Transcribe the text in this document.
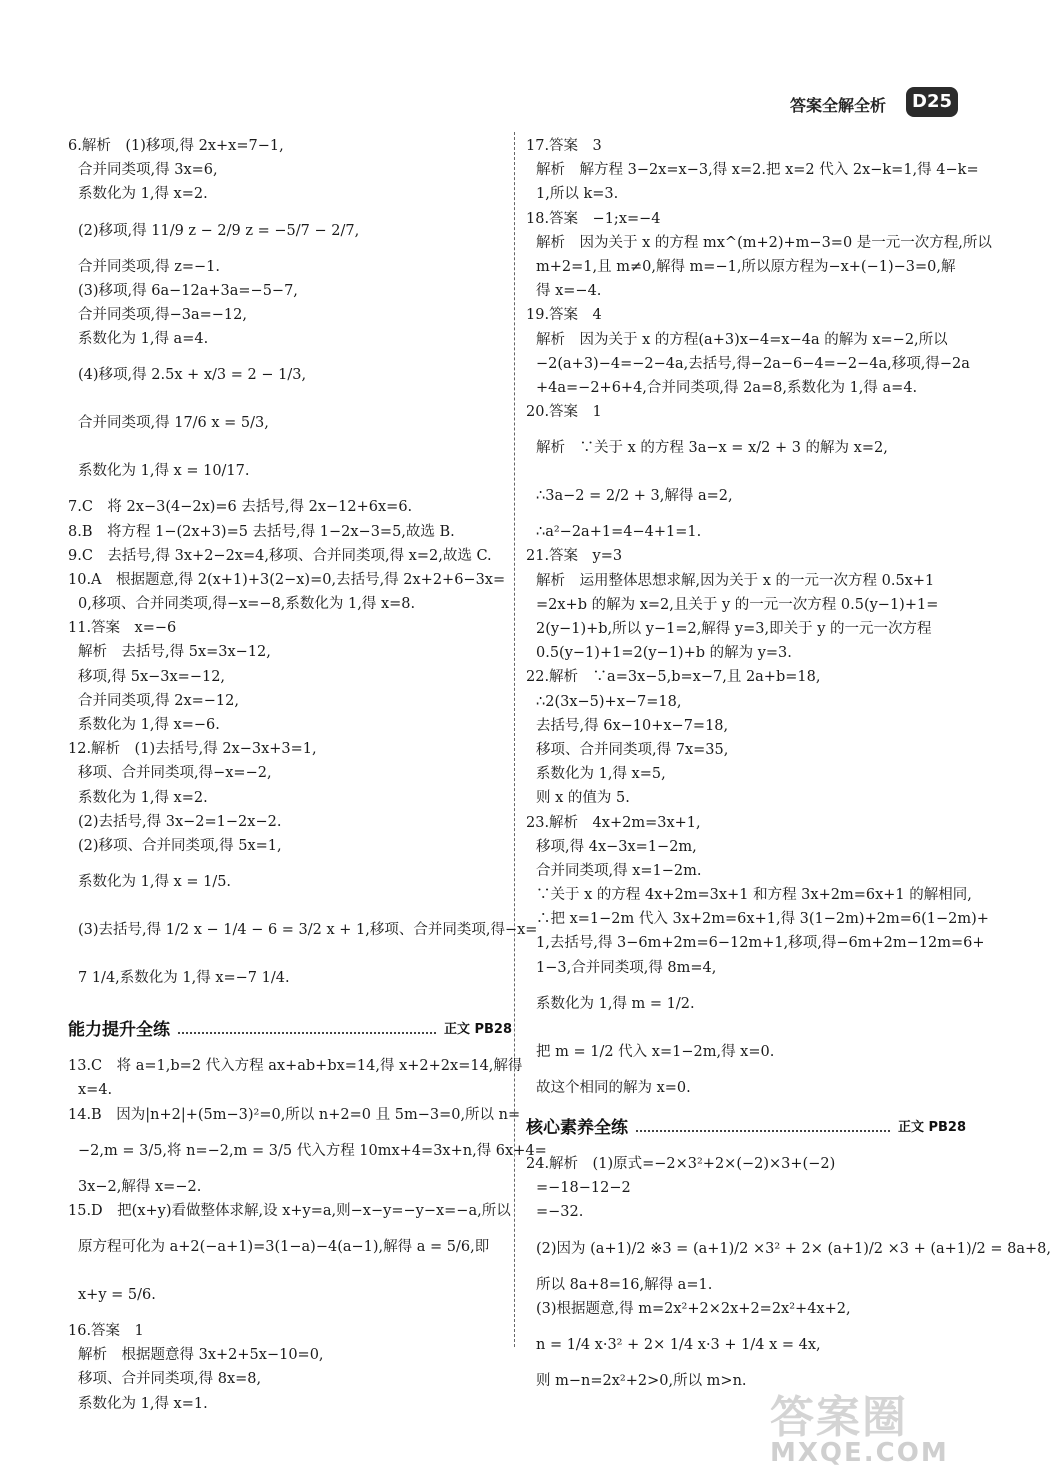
答案全解全析	D25
6.解析　(1)移项,得 2x+x=7−1,
合并同类项,得 3x=6,
系数化为 1,得 x=2.
(2)移项,得 11/9 z − 2/9 z = −5/7 − 2/7,
合并同类项,得 z=−1.
(3)移项,得 6a−12a+3a=−5−7,
合并同类项,得−3a=−12,
系数化为 1,得 a=4.
(4)移项,得 2.5x + x/3 = 2 − 1/3,
合并同类项,得 17/6 x = 5/3,
系数化为 1,得 x = 10/17.
7.C　将 2x−3(4−2x)=6 去括号,得 2x−12+6x=6.
8.B　将方程 1−(2x+3)=5 去括号,得 1−2x−3=5,故选 B.
9.C　去括号,得 3x+2−2x=4,移项、合并同类项,得 x=2,故选 C.
10.A　根据题意,得 2(x+1)+3(2−x)=0,去括号,得 2x+2+6−3x=
0,移项、合并同类项,得−x=−8,系数化为 1,得 x=8.
11.答案　x=−6
解析　去括号,得 5x=3x−12,
移项,得 5x−3x=−12,
合并同类项,得 2x=−12,
系数化为 1,得 x=−6.
12.解析　(1)去括号,得 2x−3x+3=1,
移项、合并同类项,得−x=−2,
系数化为 1,得 x=2.
(2)去括号,得 3x−2=1−2x−2.
(2)移项、合并同类项,得 5x=1,
系数化为 1,得 x = 1/5.
(3)去括号,得 1/2 x − 1/4 − 6 = 3/2 x + 1,移项、合并同类项,得−x=
7 1/4,系数化为 1,得 x=−7 1/4.
能力提升全练	正文 PB28
13.C　将 a=1,b=2 代入方程 ax+ab+bx=14,得 x+2+2x=14,解得
x=4.
14.B　因为|n+2|+(5m−3)²=0,所以 n+2=0 且 5m−3=0,所以 n=
−2,m = 3/5,将 n=−2,m = 3/5 代入方程 10mx+4=3x+n,得 6x+4=
3x−2,解得 x=−2.
15.D　把(x+y)看做整体求解,设 x+y=a,则−x−y=−y−x=−a,所以
原方程可化为 a+2(−a+1)=3(1−a)−4(a−1),解得 a = 5/6,即
x+y = 5/6.
16.答案　1
解析　根据题意得 3x+2+5x−10=0,
移项、合并同类项,得 8x=8,
系数化为 1,得 x=1.
17.答案　3
解析　解方程 3−2x=x−3,得 x=2.把 x=2 代入 2x−k=1,得 4−k=
1,所以 k=3.
18.答案　−1;x=−4
解析　因为关于 x 的方程 mx^(m+2)+m−3=0 是一元一次方程,所以
m+2=1,且 m≠0,解得 m=−1,所以原方程为−x+(−1)−3=0,解
得 x=−4.
19.答案　4
解析　因为关于 x 的方程(a+3)x−4=x−4a 的解为 x=−2,所以
−2(a+3)−4=−2−4a,去括号,得−2a−6−4=−2−4a,移项,得−2a
+4a=−2+6+4,合并同类项,得 2a=8,系数化为 1,得 a=4.
20.答案　1
解析　∵关于 x 的方程 3a−x = x/2 + 3 的解为 x=2,
∴3a−2 = 2/2 + 3,解得 a=2,
∴a²−2a+1=4−4+1=1.
21.答案　y=3
解析　运用整体思想求解,因为关于 x 的一元一次方程 0.5x+1
=2x+b 的解为 x=2,且关于 y 的一元一次方程 0.5(y−1)+1=
2(y−1)+b,所以 y−1=2,解得 y=3,即关于 y 的一元一次方程
0.5(y−1)+1=2(y−1)+b 的解为 y=3.
22.解析　∵a=3x−5,b=x−7,且 2a+b=18,
∴2(3x−5)+x−7=18,
去括号,得 6x−10+x−7=18,
移项、合并同类项,得 7x=35,
系数化为 1,得 x=5,
则 x 的值为 5.
23.解析　4x+2m=3x+1,
移项,得 4x−3x=1−2m,
合并同类项,得 x=1−2m.
∵关于 x 的方程 4x+2m=3x+1 和方程 3x+2m=6x+1 的解相同,
∴把 x=1−2m 代入 3x+2m=6x+1,得 3(1−2m)+2m=6(1−2m)+
1,去括号,得 3−6m+2m=6−12m+1,移项,得−6m+2m−12m=6+
1−3,合并同类项,得 8m=4,
系数化为 1,得 m = 1/2.
把 m = 1/2 代入 x=1−2m,得 x=0.
故这个相同的解为 x=0.
核心素养全练	正文 PB28
24.解析　(1)原式=−2×3²+2×(−2)×3+(−2)
=−18−12−2
=−32.
(2)因为 (a+1)/2 ※3 = (a+1)/2 ×3² + 2× (a+1)/2 ×3 + (a+1)/2 = 8a+8,
所以 8a+8=16,解得 a=1.
(3)根据题意,得 m=2x²+2×2x+2=2x²+4x+2,
n = 1/4 x·3² + 2× 1/4 x·3 + 1/4 x = 4x,
则 m−n=2x²+2>0,所以 m>n.
答案圈
MXQE.COM
